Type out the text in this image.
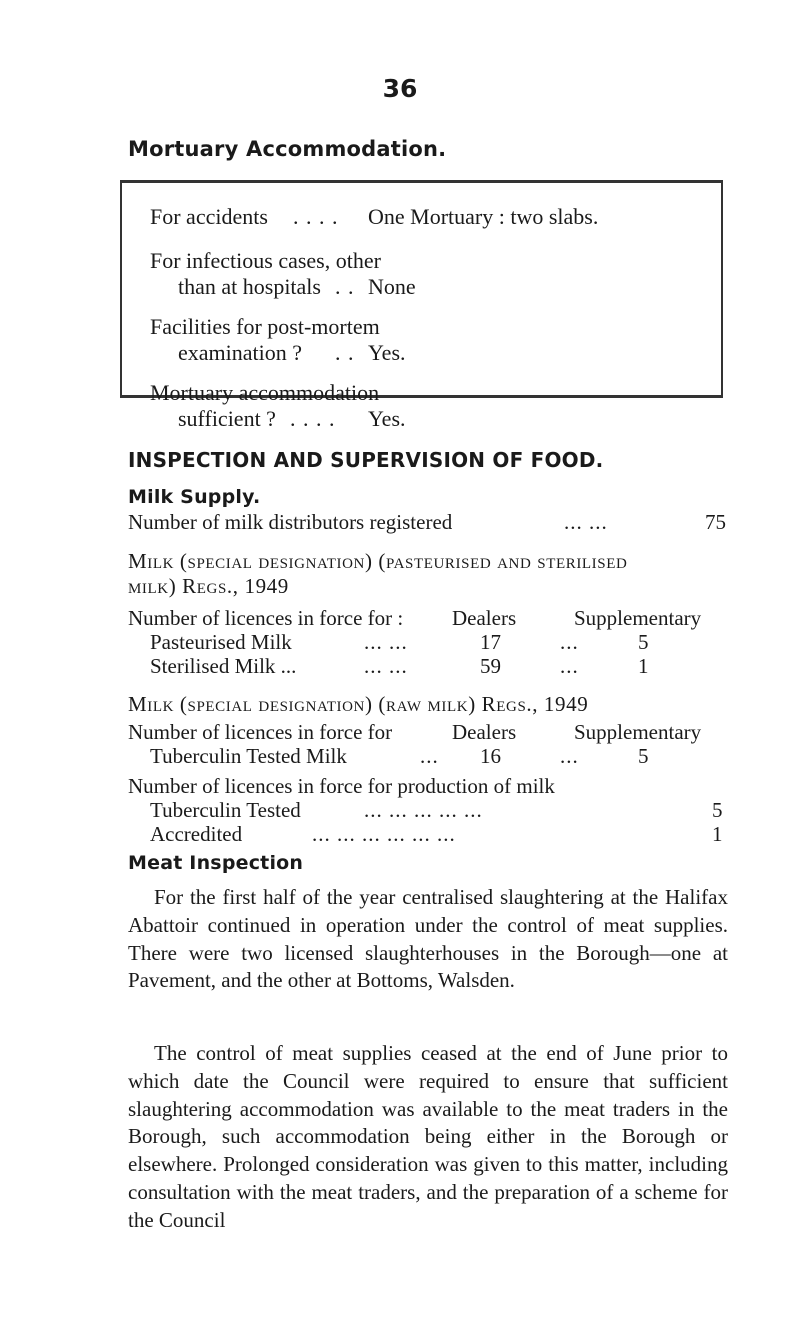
36
Mortuary Accommodation.
For accidents . . . . One Mortuary : two slabs.
For infectious cases, other
than at hospitals . . None
Facilities for post-mortem
examination ? . . Yes.
Mortuary accommodation
sufficient ? . . . . Yes.
INSPECTION AND SUPERVISION OF FOOD.
Milk Supply.
Number of milk distributors registered	... ...	75
Milk (special designation) (pasteurised and sterilised
milk) Regs., 1949
Number of licences in force for : Dealers	Supplementary
Pasteurised Milk	... ...	17	...	5
Sterilised Milk ...	... ...	59	...	1
Milk (special designation) (raw milk) Regs., 1949
Number of licences in force for	Dealers	Supplementary
Tuberculin Tested Milk	... 16	...	5
Number of licences in force for production of milk
Tuberculin Tested	... ... ... ... ...	5
Accredited	... ... ... ... ... ...	1
Meat Inspection
For the first half of the year centralised slaughtering at the Halifax Abattoir continued in operation under the control of meat supplies. There were two licensed slaughterhouses in the Borough—one at Pavement, and the other at Bottoms, Walsden.
The control of meat supplies ceased at the end of June prior to which date the Council were required to ensure that sufficient slaughtering accommodation was available to the meat traders in the Borough, such accommodation being either in the Borough or elsewhere. Prolonged consideration was given to this matter, including consultation with the meat traders, and the preparation of a scheme for the Council
